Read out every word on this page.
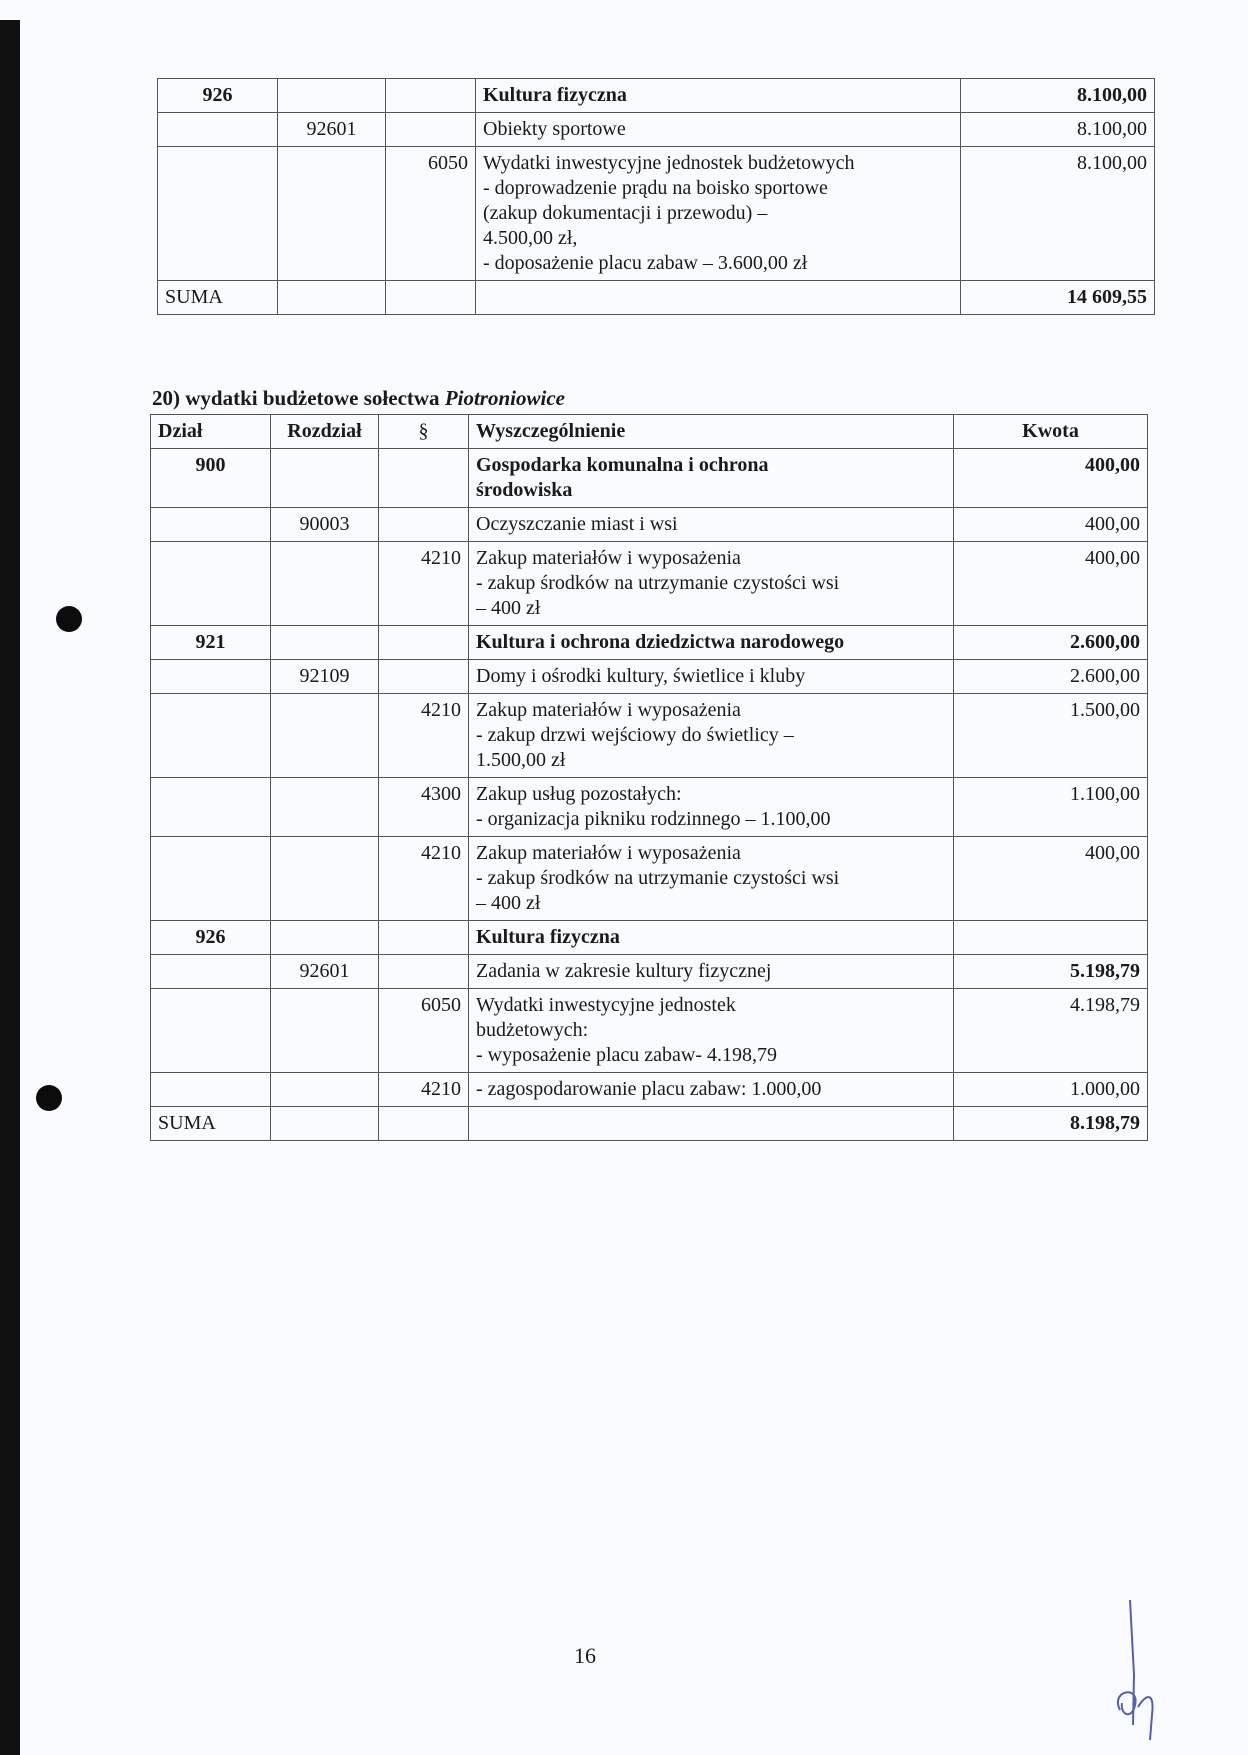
926			Kultura fizyczna	8.100,00
	92601		Obiekty sportowe	8.100,00
		6050	Wydatki inwestycyjne jednostek budżetowych
- doprowadzenie prądu na boisko sportowe
(zakup dokumentacji i przewodu) –
4.500,00 zł,
- doposażenie placu zabaw – 3.600,00 zł	8.100,00
SUMA				14 609,55
20) wydatki budżetowe sołectwa Piotroniowice
Dział	Rozdział	§	Wyszczególnienie	Kwota
900			Gospodarka komunalna i ochrona
środowiska	400,00
	90003		Oczyszczanie miast i wsi	400,00
		4210	Zakup materiałów i wyposażenia
- zakup środków na utrzymanie czystości wsi
– 400 zł	400,00
921			Kultura i ochrona dziedzictwa narodowego	2.600,00
	92109		Domy i ośrodki kultury, świetlice i kluby	2.600,00
		4210	Zakup materiałów i wyposażenia
- zakup drzwi wejściowy do świetlicy –
1.500,00 zł	1.500,00
		4300	Zakup usług pozostałych:
- organizacja pikniku rodzinnego – 1.100,00	1.100,00
		4210	Zakup materiałów i wyposażenia
- zakup środków na utrzymanie czystości wsi
– 400 zł	400,00
926			Kultura fizyczna	

	92601		Zadania w zakresie kultury fizycznej	5.198,79
		6050	Wydatki inwestycyjne jednostek
budżetowych:
- wyposażenie placu zabaw- 4.198,79	4.198,79
		4210	- zagospodarowanie placu zabaw: 1.000,00	1.000,00
SUMA				8.198,79
16
